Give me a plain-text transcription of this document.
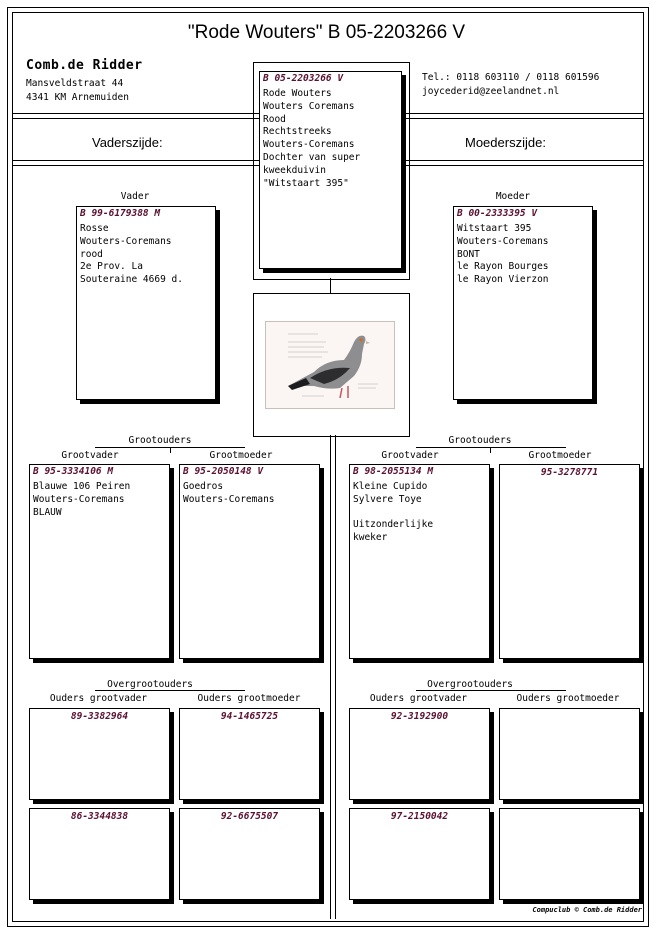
"Rode Wouters" B 05-2203266 V
Comb.de Ridder
Mansveldstraat 44
4341 KM Arnemuiden
Tel.: 0118 603110 / 0118 601596
joycederid@zeelandnet.nl
Vaderszijde:	Moederszijde:
B 05-2203266 V
Rode Wouters
Wouters Coremans
Rood
Rechtstreeks
Wouters-Coremans
Dochter van super
kweekduivin
"Witstaart 395"
Vader
B 99-6179388 M
Rosse
Wouters-Coremans
rood
2e Prov. La
Souteraine 4669 d.
Moeder
B 00-2333395 V
Witstaart 395
Wouters-Coremans
BONT
le Rayon Bourges
le Rayon Vierzon
Grootouders
Grootvader	Grootmoeder
Grootouders
Grootvader	Grootmoeder
B 95-3334106 M
Blauwe 106 Peiren
Wouters-Coremans
BLAUW
B 95-2050148 V
Goedros
Wouters-Coremans
B 98-2055134 M
Kleine Cupido
Sylvere Toye
Uitzonderlijke
kweker
95-3278771
Overgrootouders
Ouders grootvader	Ouders grootmoeder
Overgrootouders
Ouders grootvader	Ouders grootmoeder
89-3382964	94-1465725	92-3192900
86-3344838	92-6675507	97-2150042
Compuclub © Comb.de Ridder
